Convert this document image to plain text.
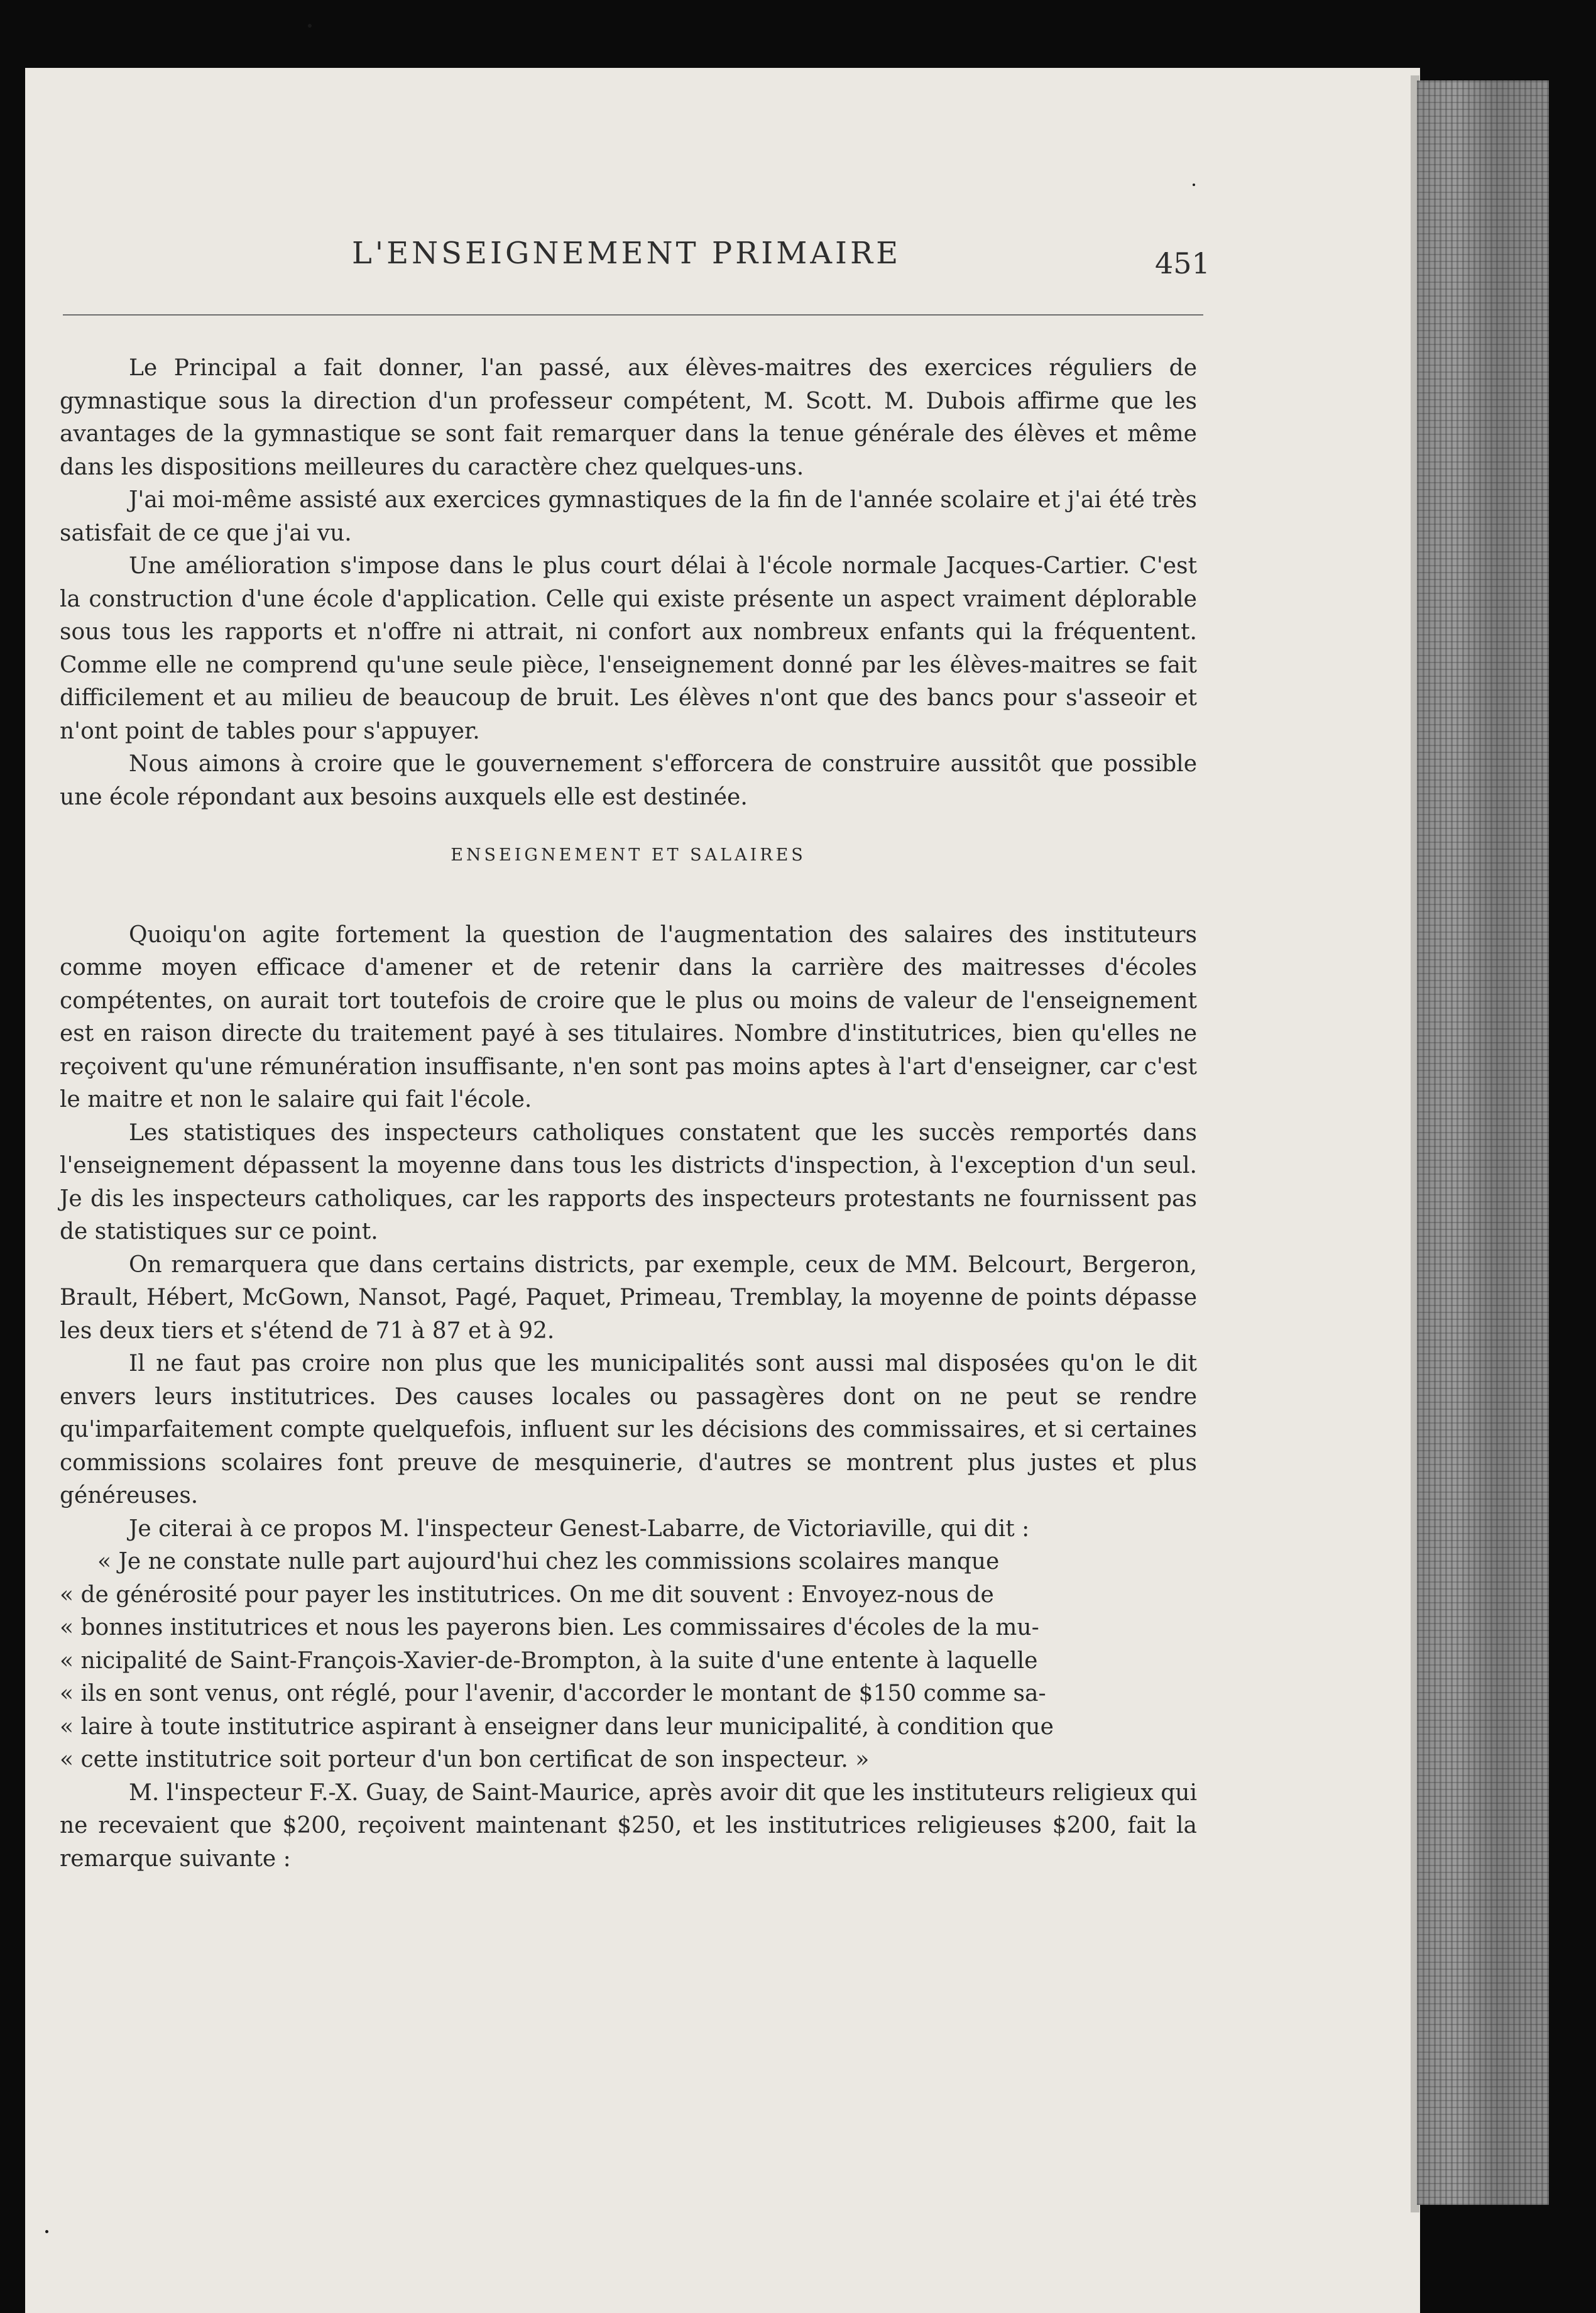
L'ENSEIGNEMENT PRIMAIRE	451

Le Principal a fait donner, l'an passé, aux élèves-maitres des exercices réguliers de gymnastique sous la direction d'un professeur compétent, M. Scott. M. Dubois affirme que les avantages de la gymnastique se sont fait remarquer dans la tenue générale des élèves et même dans les dispositions meilleures du caractère chez quelques-uns.

J'ai moi-même assisté aux exercices gymnastiques de la fin de l'année scolaire et j'ai été très satisfait de ce que j'ai vu.

Une amélioration s'impose dans le plus court délai à l'école normale Jacques-Cartier. C'est la construction d'une école d'application. Celle qui existe présente un aspect vraiment déplorable sous tous les rapports et n'offre ni attrait, ni confort aux nombreux enfants qui la fréquentent. Comme elle ne comprend qu'une seule pièce, l'enseignement donné par les élèves-maitres se fait difficilement et au milieu de beaucoup de bruit. Les élèves n'ont que des bancs pour s'asseoir et n'ont point de tables pour s'appuyer.

Nous aimons à croire que le gouvernement s'efforcera de construire aussitôt que possible une école répondant aux besoins auxquels elle est destinée.

ENSEIGNEMENT ET SALAIRES

Quoiqu'on agite fortement la question de l'augmentation des salaires des instituteurs comme moyen efficace d'amener et de retenir dans la carrière des maitresses d'écoles compétentes, on aurait tort toutefois de croire que le plus ou moins de valeur de l'enseignement est en raison directe du traitement payé à ses titulaires. Nombre d'institutrices, bien qu'elles ne reçoivent qu'une rémunération insuffisante, n'en sont pas moins aptes à l'art d'enseigner, car c'est le maitre et non le salaire qui fait l'école.

Les statistiques des inspecteurs catholiques constatent que les succès remportés dans l'enseignement dépassent la moyenne dans tous les districts d'inspection, à l'exception d'un seul. Je dis les inspecteurs catholiques, car les rapports des inspecteurs protestants ne fournissent pas de statistiques sur ce point.

On remarquera que dans certains districts, par exemple, ceux de MM. Belcourt, Bergeron, Brault, Hébert, McGown, Nansot, Pagé, Paquet, Primeau, Tremblay, la moyenne de points dépasse les deux tiers et s'étend de 71 à 87 et à 92.

Il ne faut pas croire non plus que les municipalités sont aussi mal disposées qu'on le dit envers leurs institutrices. Des causes locales ou passagères dont on ne peut se rendre qu'imparfaitement compte quelquefois, influent sur les décisions des commissaires, et si certaines commissions scolaires font preuve de mesquinerie, d'autres se montrent plus justes et plus généreuses.

Je citerai à ce propos M. l'inspecteur Genest-Labarre, de Victoriaville, qui dit :

« Je ne constate nulle part aujourd'hui chez les commissions scolaires manque

« de générosité pour payer les institutrices. On me dit souvent : Envoyez-nous de

« bonnes institutrices et nous les payerons bien. Les commissaires d'écoles de la mu-

« nicipalité de Saint-François-Xavier-de-Brompton, à la suite d'une entente à laquelle

« ils en sont venus, ont réglé, pour l'avenir, d'accorder le montant de $150 comme sa-

« laire à toute institutrice aspirant à enseigner dans leur municipalité, à condition que

« cette institutrice soit porteur d'un bon certificat de son inspecteur. »

M. l'inspecteur F.-X. Guay, de Saint-Maurice, après avoir dit que les instituteurs religieux qui ne recevaient que $200, reçoivent maintenant $250, et les institutrices religieuses $200, fait la remarque suivante :
